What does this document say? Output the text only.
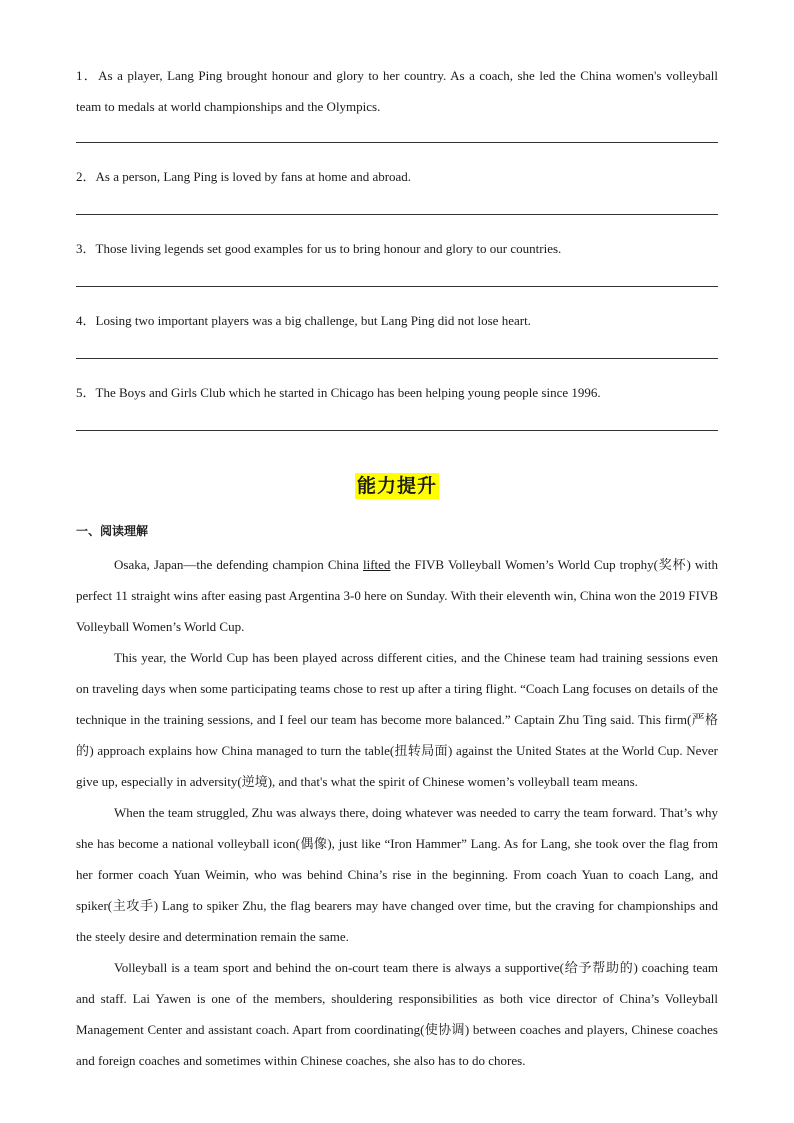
1．As a player, Lang Ping brought honour and glory to her country. As a coach, she led the China women's volleyball team to medals at world championships and the Olympics.
2．As a person, Lang Ping is loved by fans at home and abroad.
3．Those living legends set good examples for us to bring honour and glory to our countries.
4．Losing two important players was a big challenge, but Lang Ping did not lose heart.
5．The Boys and Girls Club which he started in Chicago has been helping young people since 1996.
能力提升
一、阅读理解

Osaka, Japan—the defending champion China lifted the FIVB Volleyball Women’s World Cup trophy(奖杯) with perfect 11 straight wins after easing past Argentina 3-0 here on Sunday. With their eleventh win, China won the 2019 FIVB Volleyball Women’s World Cup.

This year, the World Cup has been played across different cities, and the Chinese team had training sessions even on traveling days when some participating teams chose to rest up after a tiring flight. “Coach Lang focuses on details of the technique in the training sessions, and I feel our team has become more balanced.” Captain Zhu Ting said. This firm(严格的) approach explains how China managed to turn the table(扭转局面) against the United States at the World Cup. Never give up, especially in adversity(逆境), and that's what the spirit of Chinese women’s volleyball team means.

When the team struggled, Zhu was always there, doing whatever was needed to carry the team forward. That’s why she has become a national volleyball icon(偶像), just like “Iron Hammer” Lang. As for Lang, she took over the flag from her former coach Yuan Weimin, who was behind China’s rise in the beginning. From coach Yuan to coach Lang, and spiker(主攻手) Lang to spiker Zhu, the flag bearers may have changed over time, but the craving for championships and the steely desire and determination remain the same.

Volleyball is a team sport and behind the on-court team there is always a supportive(给予帮助的) coaching team and staff. Lai Yawen is one of the members, shouldering responsibilities as both vice director of China’s Volleyball Management Center and assistant coach. Apart from coordinating(使协调) between coaches and players, Chinese coaches and foreign coaches and sometimes within Chinese coaches, she also has to do chores.
